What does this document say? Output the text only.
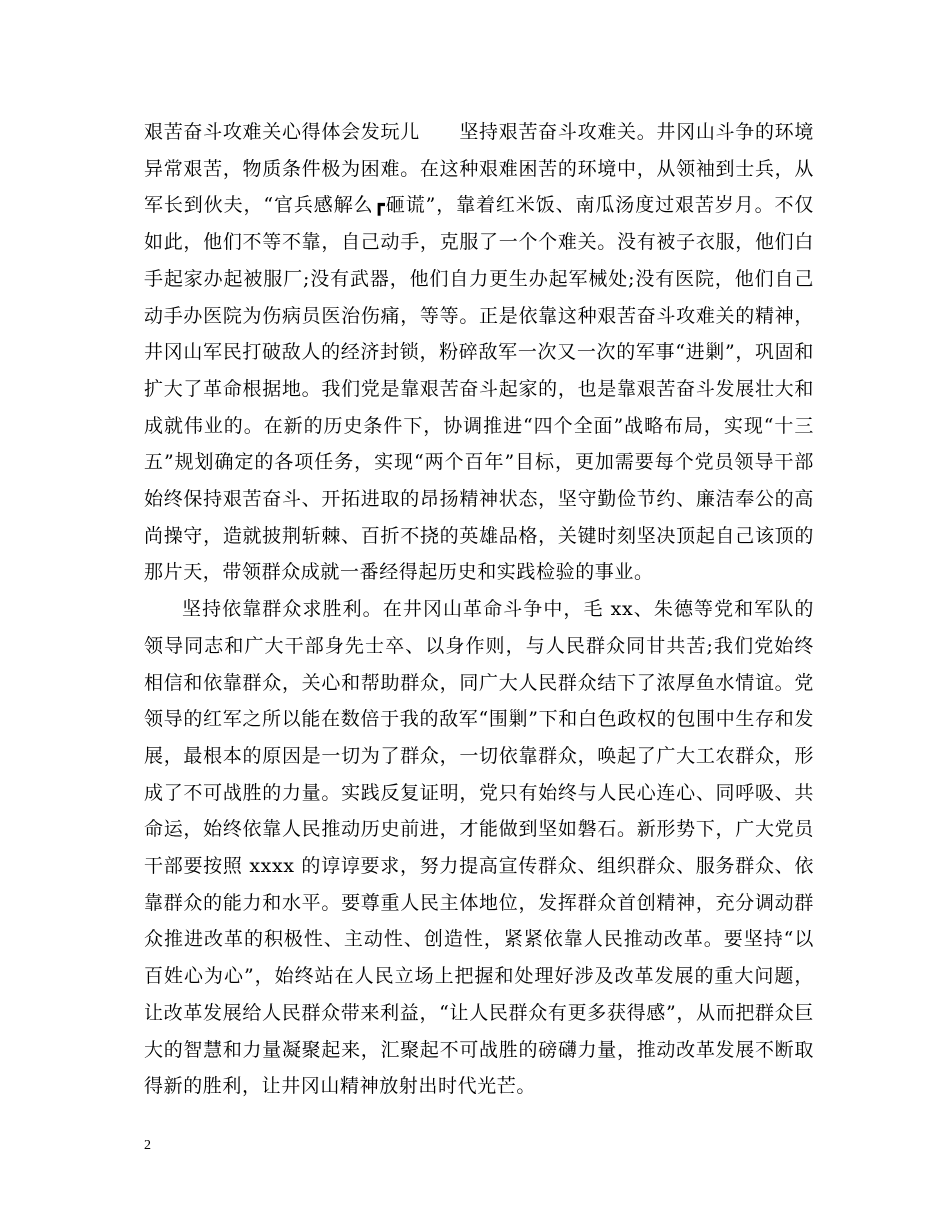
艰苦奋斗攻难关心得体会发玩儿　　坚持艰苦奋斗攻难关。井冈山斗争的环境异常艰苦，物质条件极为困难。在这种艰难困苦的环境中，从领袖到士兵，从军长到伙夫，“官兵感解么┏砸谎”，靠着红米饭、南瓜汤度过艰苦岁月。不仅如此，他们不等不靠，自己动手，克服了一个个难关。没有被子衣服，他们白手起家办起被服厂;没有武器，他们自力更生办起军械处;没有医院，他们自己动手办医院为伤病员医治伤痛，等等。正是依靠这种艰苦奋斗攻难关的精神，井冈山军民打破敌人的经济封锁，粉碎敌军一次又一次的军事“进剿”，巩固和扩大了革命根据地。我们党是靠艰苦奋斗起家的，也是靠艰苦奋斗发展壮大和成就伟业的。在新的历史条件下，协调推进“四个全面”战略布局，实现“十三五”规划确定的各项任务，实现“两个百年”目标，更加需要每个党员领导干部始终保持艰苦奋斗、开拓进取的昂扬精神状态，坚守勤俭节约、廉洁奉公的高尚操守，造就披荆斩棘、百折不挠的英雄品格，关键时刻坚决顶起自己该顶的那片天，带领群众成就一番经得起历史和实践检验的事业。

坚持依靠群众求胜利。在井冈山革命斗争中，毛 xx、朱德等党和军队的领导同志和广大干部身先士卒、以身作则，与人民群众同甘共苦;我们党始终相信和依靠群众，关心和帮助群众，同广大人民群众结下了浓厚鱼水情谊。党领导的红军之所以能在数倍于我的敌军“围剿”下和白色政权的包围中生存和发展，最根本的原因是一切为了群众，一切依靠群众，唤起了广大工农群众，形成了不可战胜的力量。实践反复证明，党只有始终与人民心连心、同呼吸、共命运，始终依靠人民推动历史前进，才能做到坚如磐石。新形势下，广大党员干部要按照 xxxx 的谆谆要求，努力提高宣传群众、组织群众、服务群众、依靠群众的能力和水平。要尊重人民主体地位，发挥群众首创精神，充分调动群众推进改革的积极性、主动性、创造性，紧紧依靠人民推动改革。要坚持“以百姓心为心”，始终站在人民立场上把握和处理好涉及改革发展的重大问题，让改革发展给人民群众带来利益，“让人民群众有更多获得感”，从而把群众巨大的智慧和力量凝聚起来，汇聚起不可战胜的磅礴力量，推动改革发展不断取得新的胜利，让井冈山精神放射出时代光芒。

2
